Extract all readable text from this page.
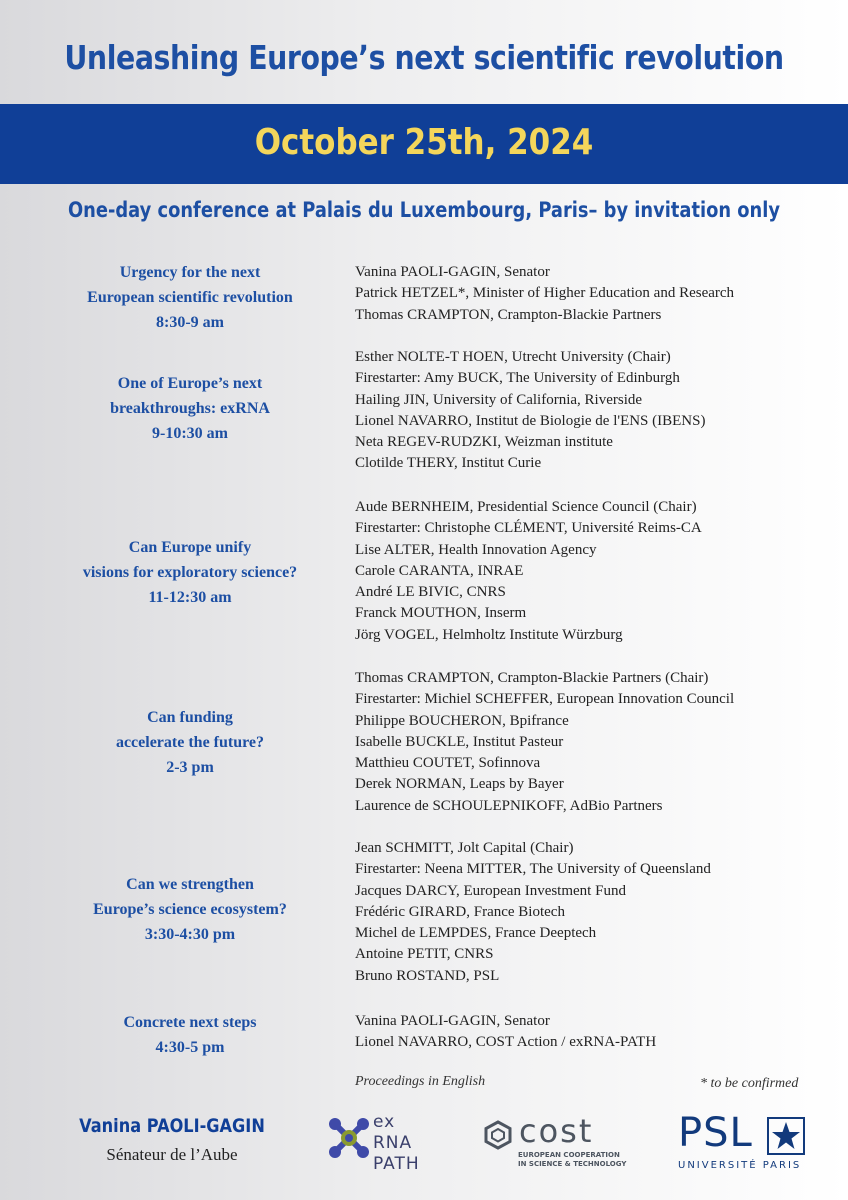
Unleashing Europe’s next scientific revolution
October 25th, 2024
One-day conference at Palais du Luxembourg, Paris– by invitation only
Urgency for the next
European scientific revolution
8:30-9 am
Vanina PAOLI-GAGIN, Senator
Patrick HETZEL*, Minister of Higher Education and Research
Thomas CRAMPTON, Crampton-Blackie Partners
One of Europe’s next
breakthroughs: exRNA
9-10:30 am
Esther NOLTE-T HOEN, Utrecht University (Chair)
Firestarter: Amy BUCK, The University of Edinburgh
Hailing JIN, University of California, Riverside
Lionel NAVARRO, Institut de Biologie de l'ENS (IBENS)
Neta REGEV-RUDZKI, Weizman institute
Clotilde THERY, Institut Curie
Can Europe unify
visions for exploratory science?
11-12:30 am
Aude BERNHEIM, Presidential Science Council (Chair)
Firestarter: Christophe CLÉMENT, Université Reims-CA
Lise ALTER, Health Innovation Agency
Carole CARANTA, INRAE
André LE BIVIC, CNRS
Franck MOUTHON, Inserm
Jörg VOGEL, Helmholtz Institute Würzburg
Can funding
accelerate the future?
2-3 pm
Thomas CRAMPTON, Crampton-Blackie Partners (Chair)
Firestarter: Michiel SCHEFFER, European Innovation Council
Philippe BOUCHERON, Bpifrance
Isabelle BUCKLE, Institut Pasteur
Matthieu COUTET, Sofinnova
Derek NORMAN, Leaps by Bayer
Laurence de SCHOULEPNIKOFF, AdBio Partners
Can we strengthen
Europe’s science ecosystem?
3:30-4:30 pm
Jean SCHMITT, Jolt Capital (Chair)
Firestarter: Neena MITTER, The University of Queensland
Jacques DARCY, European Investment Fund
Frédéric GIRARD, France Biotech
Michel de LEMPDES, France Deeptech
Antoine PETIT, CNRS
Bruno ROSTAND, PSL
Concrete next steps
4:30-5 pm
Vanina PAOLI-GAGIN, Senator
Lionel NAVARRO, COST Action / exRNA-PATH
Proceedings in English	* to be confirmed
Vanina PAOLI-GAGIN
Sénateur de l’Aube
ex
RNA
PATH
cost
EUROPEAN COOPERATION
IN SCIENCE & TECHNOLOGY
PSL
UNIVERSITÉ PARIS
